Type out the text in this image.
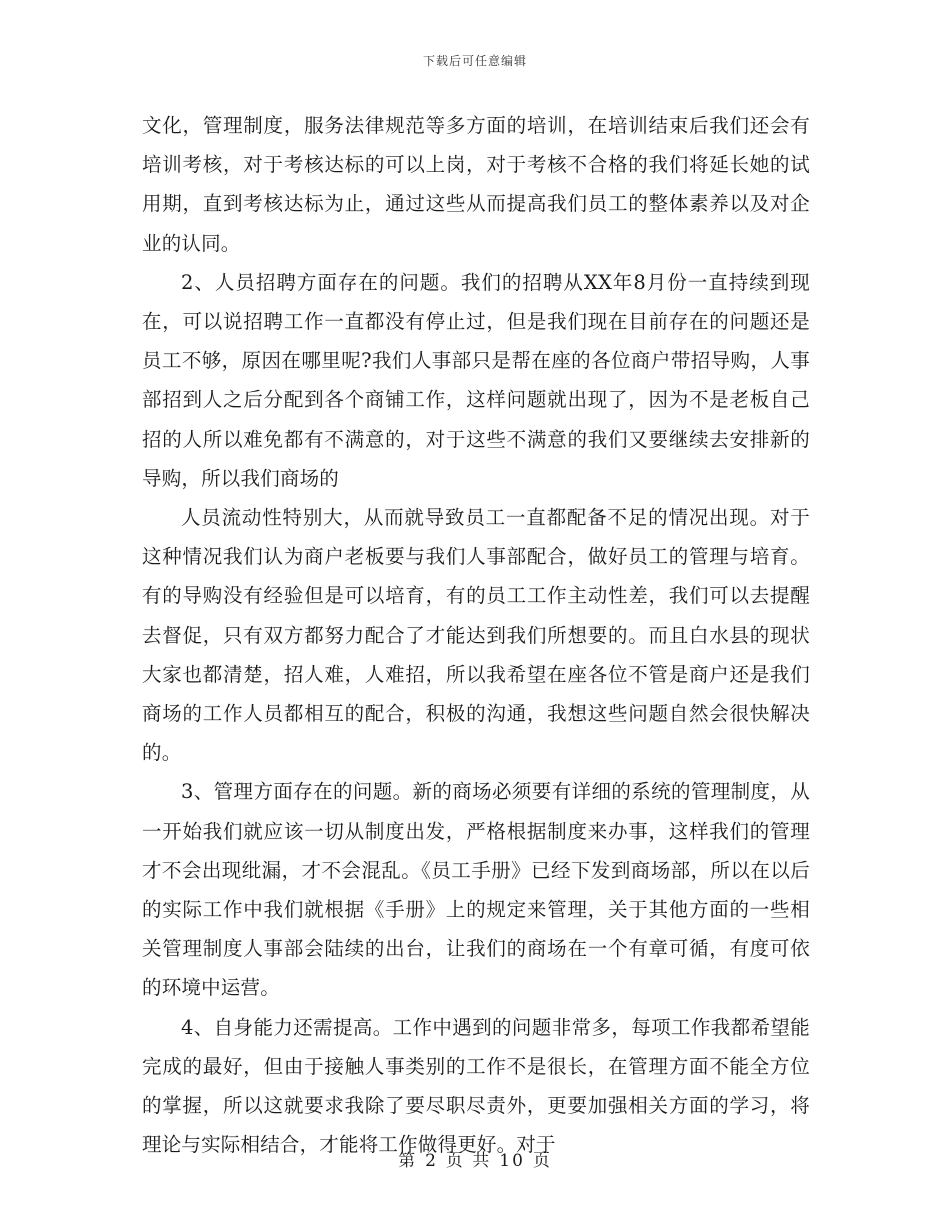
下载后可任意编辑

文化，管理制度，服务法律规范等多方面的培训，在培训结束后我们还会有培训考核，对于考核达标的可以上岗，对于考核不合格的我们将延长她的试用期，直到考核达标为止，通过这些从而提高我们员工的整体素养以及对企业的认同。

2、人员招聘方面存在的问题。我们的招聘从XX年8月份一直持续到现在，可以说招聘工作一直都没有停止过，但是我们现在目前存在的问题还是员工不够，原因在哪里呢?我们人事部只是帮在座的各位商户带招导购，人事部招到人之后分配到各个商铺工作，这样问题就出现了，因为不是老板自己招的人所以难免都有不满意的，对于这些不满意的我们又要继续去安排新的导购，所以我们商场的

人员流动性特别大，从而就导致员工一直都配备不足的情况出现。对于这种情况我们认为商户老板要与我们人事部配合，做好员工的管理与培育。有的导购没有经验但是可以培育，有的员工工作主动性差，我们可以去提醒去督促，只有双方都努力配合了才能达到我们所想要的。而且白水县的现状大家也都清楚，招人难，人难招，所以我希望在座各位不管是商户还是我们商场的工作人员都相互的配合，积极的沟通，我想这些问题自然会很快解决的。

3、管理方面存在的问题。新的商场必须要有详细的系统的管理制度，从一开始我们就应该一切从制度出发，严格根据制度来办事，这样我们的管理才不会出现纰漏，才不会混乱。《员工手册》已经下发到商场部，所以在以后的实际工作中我们就根据《手册》上的规定来管理，关于其他方面的一些相关管理制度人事部会陆续的出台，让我们的商场在一个有章可循，有度可依的环境中运营。

4、自身能力还需提高。工作中遇到的问题非常多，每项工作我都希望能完成的最好，但由于接触人事类别的工作不是很长，在管理方面不能全方位的掌握，所以这就要求我除了要尽职尽责外，更要加强相关方面的学习，将理论与实际相结合，才能将工作做得更好。对于

第 2 页 共 10 页
